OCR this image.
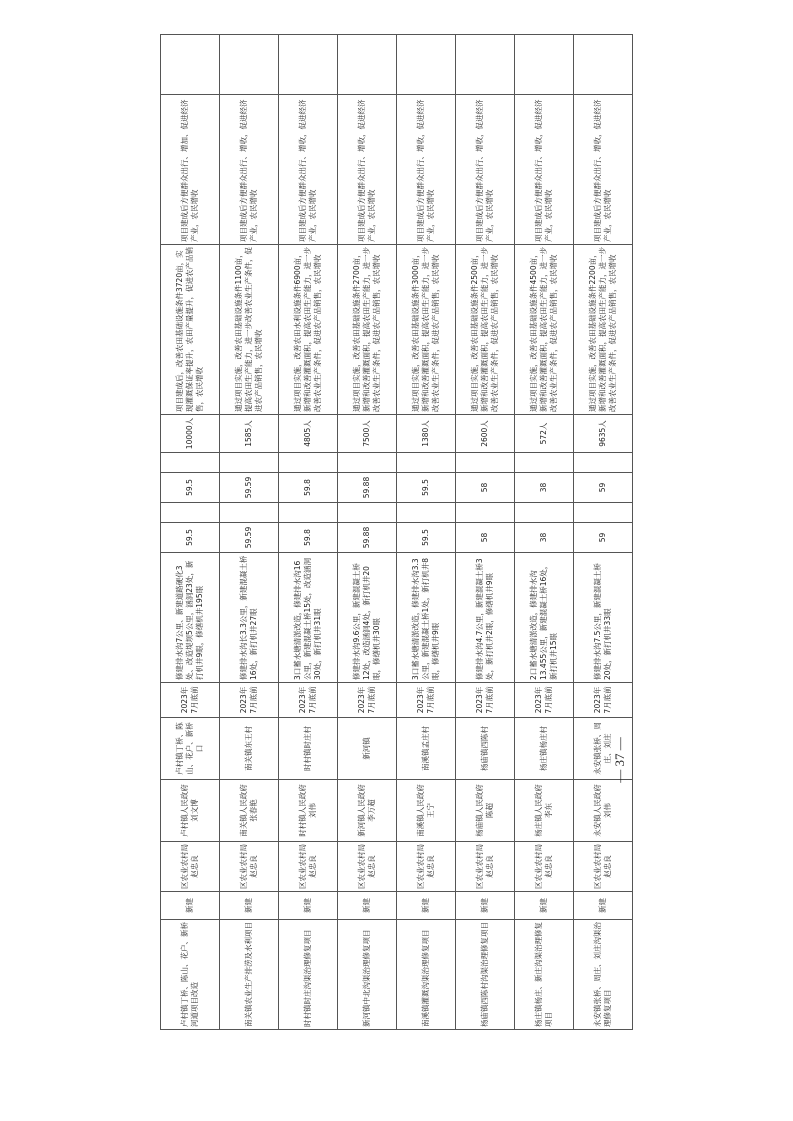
卢村镇丁桥、陈山、花户、新桥河道项目改造	新建	区农业农村局 赵忠良	卢村镇人民政府 刘文博	卢村镇丁桥、陈山、花户、新桥口	2023年7月底前	修建排水沟7公里、新建道路硬化3处、改造堤坝5公里，涵洞23处，新打机井9眼，修缮机井195眼	59.5		59.5		10000人	项目建成后，改善农田基础设施条件3720亩，实现灌溉保证率提升，农田产量提升，促进农产品销售，农民增收	项目建成后方便群众出行、增加、促进经济产业，农民增收	
南关镇农业生产排涝及水利项目	新建	区农业农村局 赵忠良	南关镇人民政府 张春艳	南关镇东王村	2023年7月底前	修建排水沟长3.3公里，新建混凝土桥16处，新打机井27眼	59.59		59.59		1585人	通过项目实施，改善农田基础设施条件1100亩，提高农田生产能力，进一步改善农业生产条件，促进农产品销售，农民增收	项目建成后方便群众出行、增收，促进经济产业，农民增收	
时村镇时庄沟渠治理修复项目	新建	区农业农村局 赵忠良	时村镇人民政府 刘伟	时村镇时庄村	2023年7月底前	3口蓄水塘清淤改造，修建排水沟16公里，新建混凝土桥15处，改造涵洞30处，新打机井31眼	59.8		59.8		4805人	通过项目实施，改善农田水利设施条件6900亩，新增和改善灌溉面积，提高农田生产能力，进一步改善农业生产条件，促进农产品销售，农民增收	项目建成后方便群众出行、增收，促进经济产业，农民增收	
新河镇中北沟渠治理修复项目	新建	区农业农村局 赵忠良	新河镇人民政府 李万超	新河镇	2023年7月底前	修建排水沟9.6公里，新建混凝土桥12处，改造涵洞4处，新打机井20眼，修缮机井30眼	59.88		59.88		7500人	通过项目实施，改善农田基础设施条件2700亩，新增和改善灌溉面积，提高农田生产能力，进一步改善农业生产条件，促进农产品销售，农民增收	项目建成后方便群众出行、增收，促进经济产业，农民增收	
南溪镇灌溉沟渠治理修复项目	新建	区农业农村局 赵忠良	南溪镇人民政府 王宁	南溪镇孟庄村	2023年7月底前	3口蓄水塘清淤改造，修建排水沟3.3公里，新建混凝土桥1处，新打机井8眼，修缮机井9眼	59.5		59.5		1380人	通过项目实施，改善农田基础设施条件3000亩，新增和改善灌溉面积，提高农田生产能力，进一步改善农业生产条件，促进农产品销售，农民增收	项目建成后方便群众出行、增收，促进经济产业，农民增收	
杨庙镇西陈村沟渠治理修复项目	新建	区农业农村局 赵忠良	杨庙镇人民政府 陈超	杨庙镇西陈村	2023年7月底前	修建排水沟4.7公里，新建混凝土桥3处，新打机井2眼，修缮机井9眼	58		58		2600人	通过项目实施，改善农田基础设施条件2500亩，新增和改善灌溉面积，提高农田生产能力，进一步改善农业生产条件，促进农产品销售，农民增收	项目建成后方便群众出行、增收，促进经济产业，农民增收	
杨庄镇杨庄、新庄沟渠治理修复项目	新建	区农业农村局 赵忠良	杨庄镇人民政府 李东	杨庄镇杨庄村	2023年7月底前	2口蓄水塘清淤改造，修建排水沟13.455公里，新建混凝土桥16处，新打机井15眼	38		38		572人	通过项目实施，改善农田基础设施条件4500亩，新增和改善灌溉面积，提高农田生产能力，进一步改善农业生产条件，促进农产品销售，农民增收	项目建成后方便群众出行、增收，促进经济产业，农民增收	
永安镇张桥、周庄、刘庄沟渠治理修复项目	新建	区农业农村局 赵忠良	永安镇人民政府 刘伟	永安镇张桥、周庄、刘庄	2023年7月底前	修建排水沟7.5公里，新建混凝土桥20处，新打机井33眼	59		59		9635人	通过项目实施，改善农田基础设施条件2200亩，新增和改善灌溉面积，提高农田生产能力，进一步改善农业生产条件，促进农产品销售，农民增收	项目建成后方便群众出行、增收，促进经济产业，农民增收	
— 37 —
